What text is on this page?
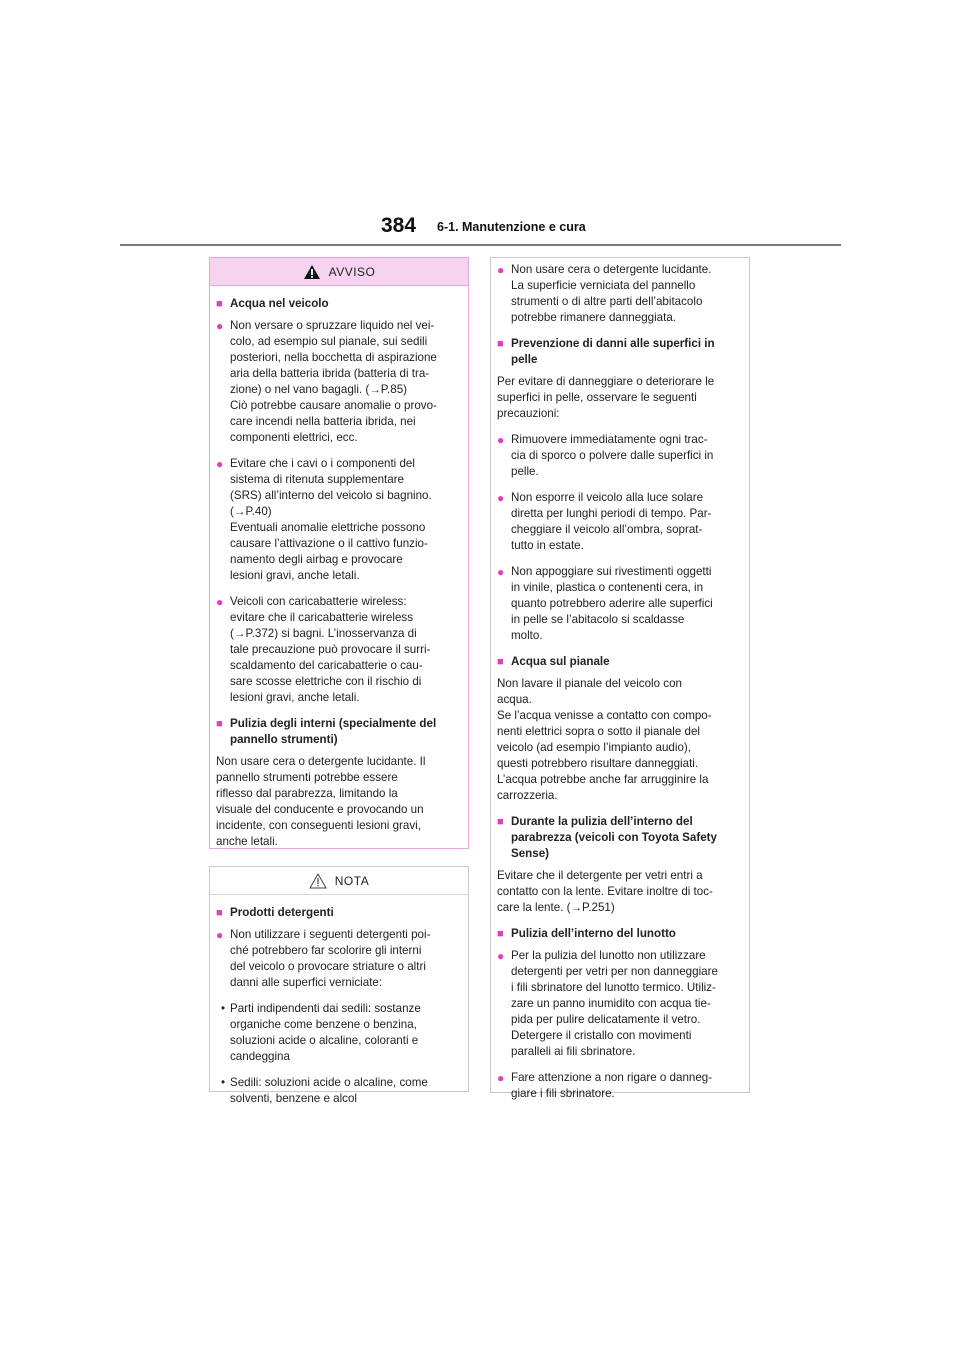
384 6-1. Manutenzione e cura
AVVISO
■ Acqua nel veicolo
● Non versare o spruzzare liquido nel vei-
colo, ad esempio sul pianale, sui sedili
posteriori, nella bocchetta di aspirazione
aria della batteria ibrida (batteria di tra-
zione) o nel vano bagagli. (→P.85)
Ciò potrebbe causare anomalie o provo-
care incendi nella batteria ibrida, nei
componenti elettrici, ecc.
● Evitare che i cavi o i componenti del
sistema di ritenuta supplementare
(SRS) all’interno del veicolo si bagnino.
(→P.40)
Eventuali anomalie elettriche possono
causare l’attivazione o il cattivo funzio-
namento degli airbag e provocare
lesioni gravi, anche letali.
● Veicoli con caricabatterie wireless:
evitare che il caricabatterie wireless
(→P.372) si bagni. L’inosservanza di
tale precauzione può provocare il surri-
scaldamento del caricabatterie o cau-
sare scosse elettriche con il rischio di
lesioni gravi, anche letali.
■ Pulizia degli interni (specialmente del
pannello strumenti)
Non usare cera o detergente lucidante. Il
pannello strumenti potrebbe essere
riflesso dal parabrezza, limitando la
visuale del conducente e provocando un
incidente, con conseguenti lesioni gravi,
anche letali.
NOTA
■ Prodotti detergenti
● Non utilizzare i seguenti detergenti poi-
ché potrebbero far scolorire gli interni
del veicolo o provocare striature o altri
danni alle superfici verniciate:
• Parti indipendenti dai sedili: sostanze
organiche come benzene o benzina,
soluzioni acide o alcaline, coloranti e
candeggina
• Sedili: soluzioni acide o alcaline, come
solventi, benzene e alcol
● Non usare cera o detergente lucidante.
La superficie verniciata del pannello
strumenti o di altre parti dell’abitacolo
potrebbe rimanere danneggiata.
■ Prevenzione di danni alle superfici in
pelle
Per evitare di danneggiare o deteriorare le
superfici in pelle, osservare le seguenti
precauzioni:
● Rimuovere immediatamente ogni trac-
cia di sporco o polvere dalle superfici in
pelle.
● Non esporre il veicolo alla luce solare
diretta per lunghi periodi di tempo. Par-
cheggiare il veicolo all’ombra, soprat-
tutto in estate.
● Non appoggiare sui rivestimenti oggetti
in vinile, plastica o contenenti cera, in
quanto potrebbero aderire alle superfici
in pelle se l’abitacolo si scaldasse
molto.
■ Acqua sul pianale
Non lavare il pianale del veicolo con
acqua.
Se l’acqua venisse a contatto con compo-
nenti elettrici sopra o sotto il pianale del
veicolo (ad esempio l’impianto audio),
questi potrebbero risultare danneggiati.
L’acqua potrebbe anche far arrugginire la
carrozzeria.
■ Durante la pulizia dell’interno del
parabrezza (veicoli con Toyota Safety
Sense)
Evitare che il detergente per vetri entri a
contatto con la lente. Evitare inoltre di toc-
care la lente. (→P.251)
■ Pulizia dell’interno del lunotto
● Per la pulizia del lunotto non utilizzare
detergenti per vetri per non danneggiare
i fili sbrinatore del lunotto termico. Utiliz-
zare un panno inumidito con acqua tie-
pida per pulire delicatamente il vetro.
Detergere il cristallo con movimenti
paralleli ai fili sbrinatore.
● Fare attenzione a non rigare o danneg-
giare i fili sbrinatore.
